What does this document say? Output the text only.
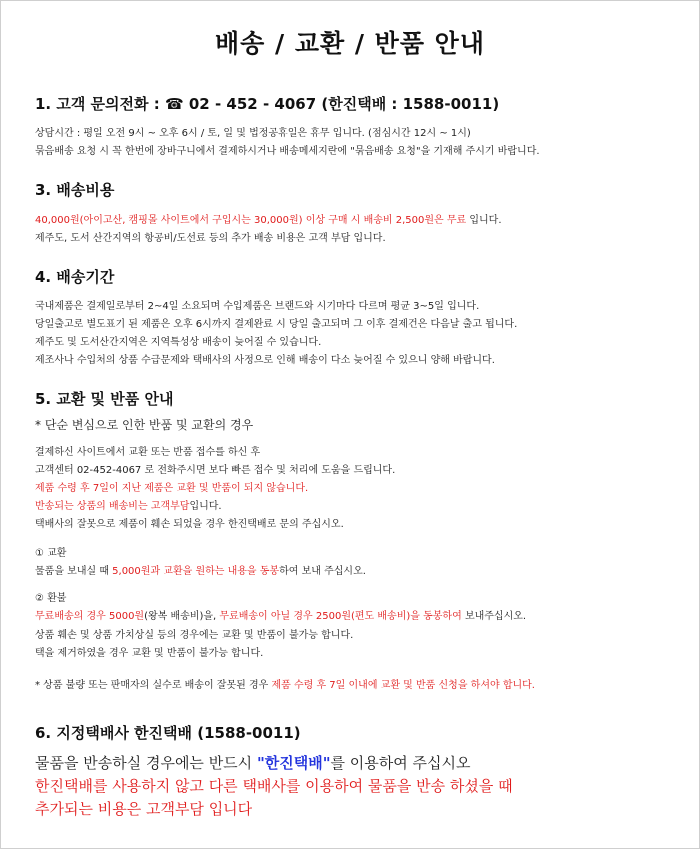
배송 / 교환 / 반품 안내
1. 고객 문의전화 : ☎ 02 - 452 - 4067 (한진택배 : 1588-0011)
상담시간 : 평일 오전 9시 ~ 오후 6시 / 토, 일 및 법정공휴일은 휴무 입니다. (점심시간 12시 ~ 1시)
묶음배송 요청 시 꼭 한번에 장바구니에서 결제하시거나 배송메세지란에 "묶음배송 요청"을 기재해 주시기 바랍니다.
3. 배송비용
40,000원(아이고산, 캠핑몰 사이트에서 구입시는 30,000원) 이상 구매 시 배송비 2,500원은 무료 입니다.
제주도, 도서 산간지역의 항공비/도선료 등의 추가 배송 비용은 고객 부담 입니다.
4. 배송기간
국내제품은 결제일로부터 2~4일 소요되며 수입제품은 브랜드와 시기마다 다르며 평균 3~5일 입니다.
당일출고로 별도표기 된 제품은 오후 6시까지 결제완료 시 당일 출고되며 그 이후 결제건은 다음날 출고 됩니다.
제주도 및 도서산간지역은 지역특성상 배송이 늦어질 수 있습니다.
제조사나 수입처의 상품 수급문제와 택배사의 사정으로 인해 배송이 다소 늦어질 수 있으니 양해 바랍니다.
5. 교환 및 반품 안내
* 단순 변심으로 인한 반품 및 교환의 경우
결제하신 사이트에서 교환 또는 반품 접수를 하신 후
고객센터 02-452-4067 로 전화주시면 보다 빠른 접수 및 처리에 도움을 드립니다.
제품 수령 후 7일이 지난 제품은 교환 및 반품이 되지 않습니다.
반송되는 상품의 배송비는 고객부담입니다.
택배사의 잘못으로 제품이 훼손 되었을 경우 한진택배로 문의 주십시오.
① 교환
물품을 보내실 때 5,000원과 교환을 원하는 내용을 동봉하여 보내 주십시오.
② 환불
무료배송의 경우 5000원(왕복 배송비)을, 무료배송이 아닐 경우 2500원(편도 배송비)을 동봉하여 보내주십시오.
상품 훼손 및 상품 가치상실 등의 경우에는 교환 및 반품이 불가능 합니다.
택을 제거하였을 경우 교환 및 반품이 불가능 합니다.
* 상품 불량 또는 판매자의 실수로 배송이 잘못된 경우 제품 수령 후 7일 이내에 교환 및 반품 신청을 하셔야 합니다.
6. 지정택배사 한진택배 (1588-0011)
물품을 반송하실 경우에는 반드시 "한진택배"를 이용하여 주십시오
한진택배를 사용하지 않고 다른 택배사를 이용하여 물품을 반송 하셨을 때
추가되는 비용은 고객부담 입니다
